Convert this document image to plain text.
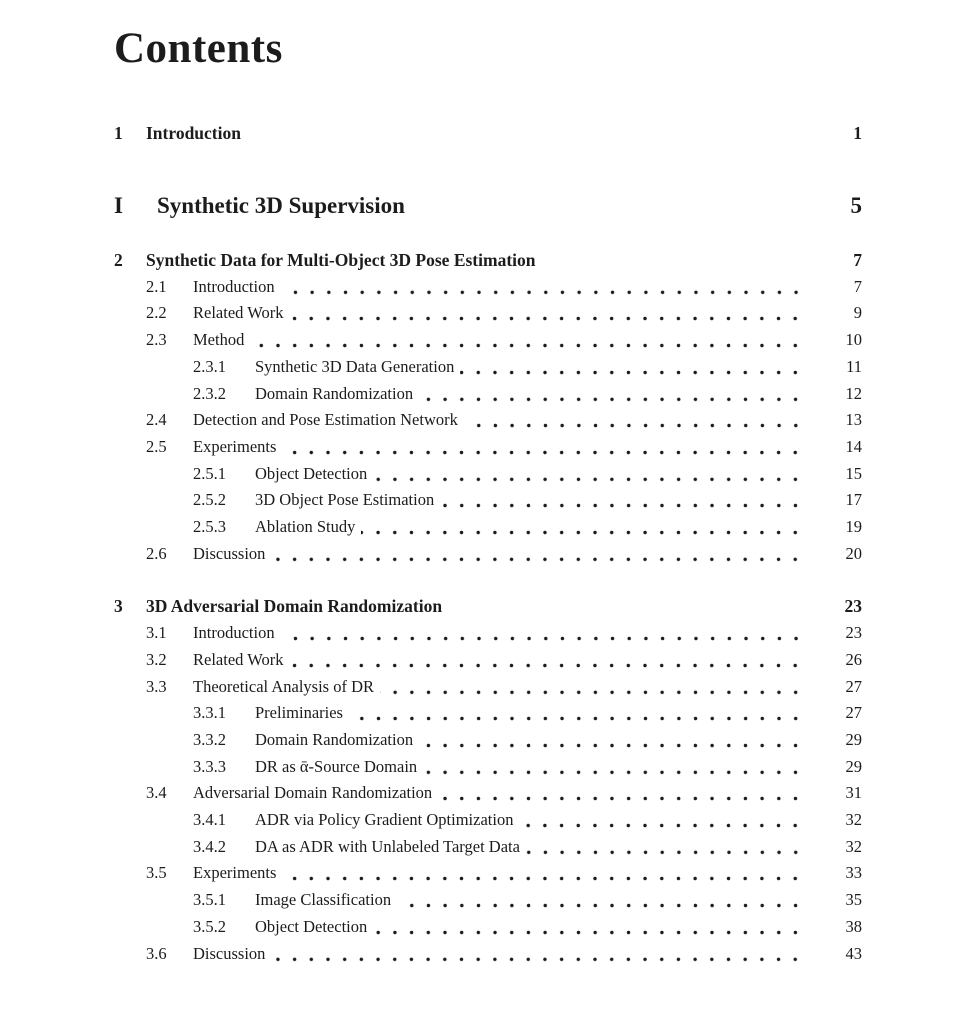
Contents
1	Introduction	1
I	Synthetic 3D Supervision	5
2	Synthetic Data for Multi-Object 3D Pose Estimation	7
2.1	Introduction	7
2.2	Related Work	9
2.3	Method	10
2.3.1	Synthetic 3D Data Generation	11
2.3.2	Domain Randomization	12
2.4	Detection and Pose Estimation Network	13
2.5	Experiments	14
2.5.1	Object Detection	15
2.5.2	3D Object Pose Estimation	17
2.5.3	Ablation Study	19
2.6	Discussion	20
3	3D Adversarial Domain Randomization	23
3.1	Introduction	23
3.2	Related Work	26
3.3	Theoretical Analysis of DR	27
3.3.1	Preliminaries	27
3.3.2	Domain Randomization	29
3.3.3	DR as ᾱ-Source Domain	29
3.4	Adversarial Domain Randomization	31
3.4.1	ADR via Policy Gradient Optimization	32
3.4.2	DA as ADR with Unlabeled Target Data	32
3.5	Experiments	33
3.5.1	Image Classification	35
3.5.2	Object Detection	38
3.6	Discussion	43
